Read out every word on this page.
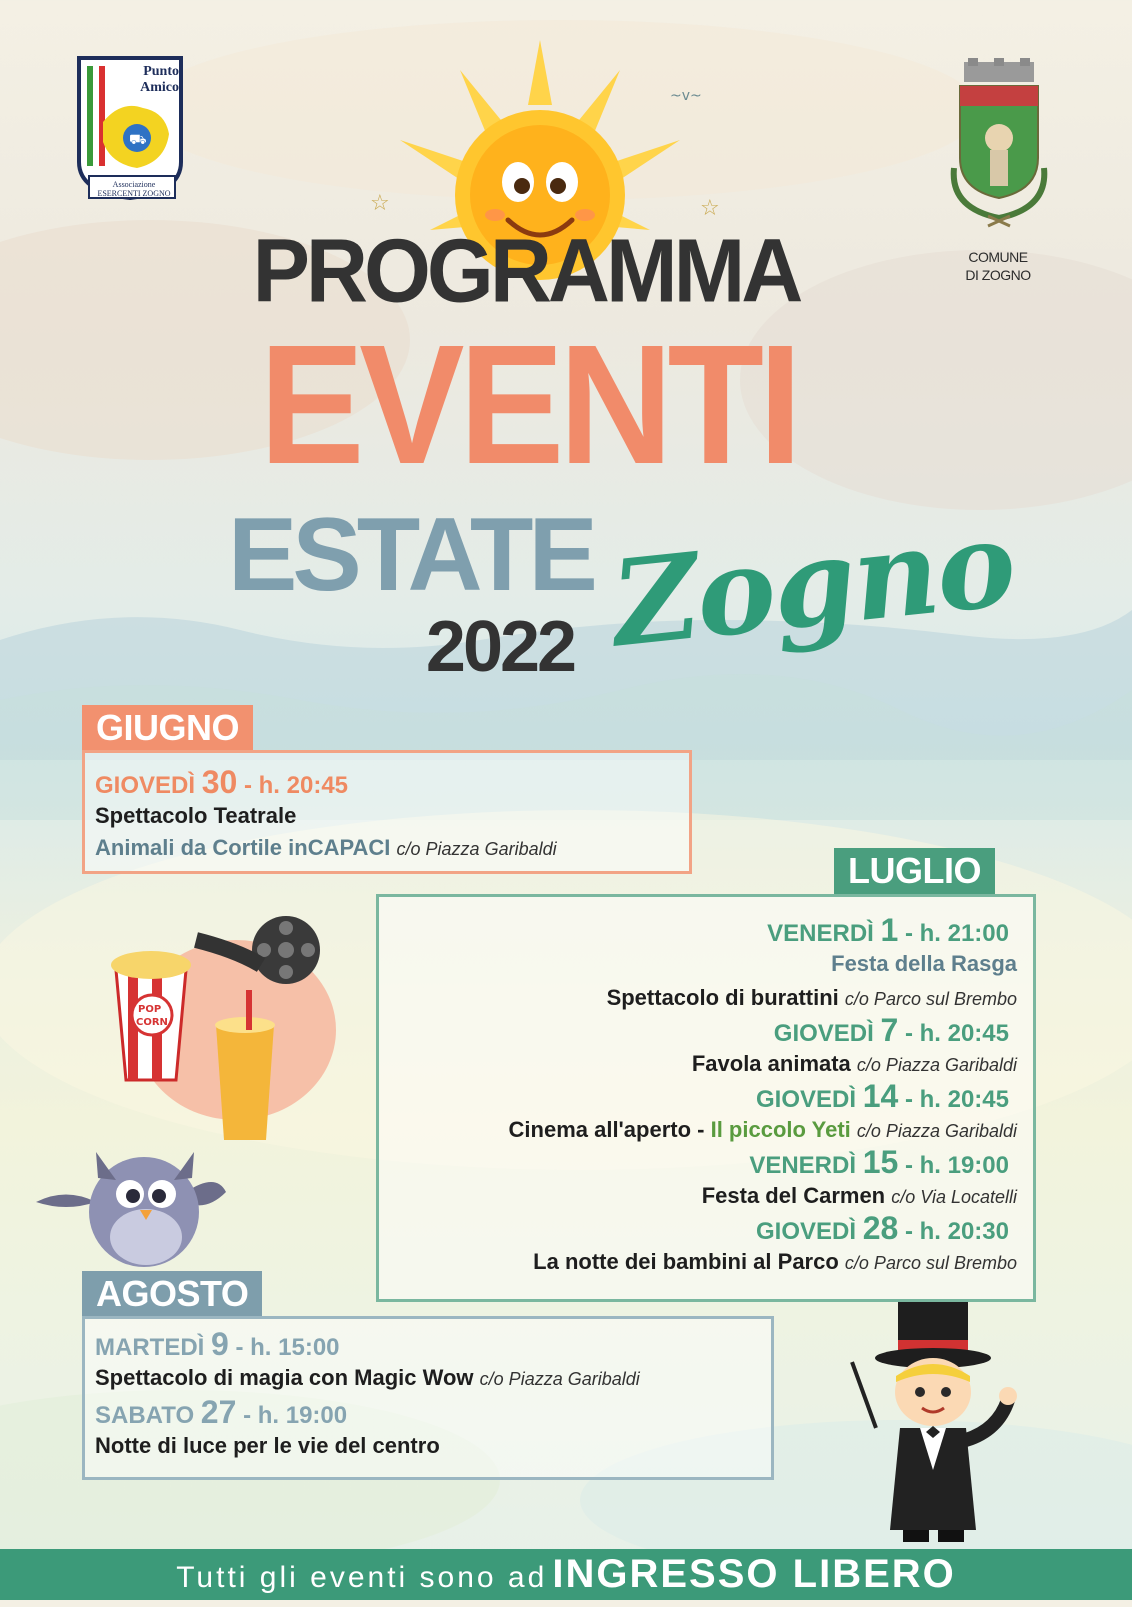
☆	☆
~v~
⛟
Punto
Amico
Associazione
ESERCENTI ZOGNO
COMUNE
DI ZOGNO
PROGRAMMA
EVENTI
ESTATE
2022 Zogno
GIUGNO
GIOVEDÌ 30 - h. 20:45
Spettacolo Teatrale
Animali da Cortile inCAPACI c/o Piazza Garibaldi
LUGLIO
VENERDÌ 1 - h. 21:00
Festa della Rasga
Spettacolo di burattini c/o Parco sul Brembo
GIOVEDÌ 7 - h. 20:45
Favola animata c/o Piazza Garibaldi
GIOVEDÌ 14 - h. 20:45
Cinema all'aperto - Il piccolo Yeti c/o Piazza Garibaldi
VENERDÌ 15 - h. 19:00
Festa del Carmen c/o Via Locatelli
GIOVEDÌ 28 - h. 20:30
La notte dei bambini al Parco c/o Parco sul Brembo
POP
CORN
AGOSTO
MARTEDÌ 9 - h. 15:00
Spettacolo di magia con Magic Wow c/o Piazza Garibaldi
SABATO 27 - h. 19:00
Notte di luce per le vie del centro
Tutti gli eventi sono ad INGRESSO LIBERO
